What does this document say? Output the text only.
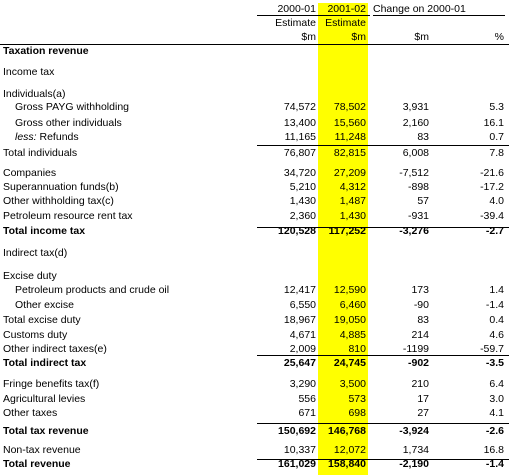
2000-01 2001-02 Change on 2000-01
Estimate Estimate
$m	$m	$m	%
Taxation revenue
Income tax
Individuals(a)
Gross PAYG withholding	74,572 78,502	3,931	5.3
Gross other individuals	13,400 15,560	2,160	16.1
less: Refunds	11,165 11,248	83	0.7
Total individuals	76,807 82,815	6,008	7.8
Companies	34,720 27,209	-7,512	-21.6
Superannuation funds(b)	5,210 4,312	-898	-17.2
Other withholding tax(c)	1,430 1,487	57	4.0
Petroleum resource rent tax	2,360 1,430	-931	-39.4
Total income tax	120,528 117,252	-3,276	-2.7
Indirect tax(d)
Excise duty
Petroleum products and crude oil	12,417 12,590	173	1.4
Other excise	6,550 6,460	-90	-1.4
Total excise duty	18,967 19,050	83	0.4
Customs duty	4,671 4,885	214	4.6
Other indirect taxes(e)	2,009	810	-1199	-59.7
Total indirect tax	25,647 24,745	-902	-3.5
Fringe benefits tax(f)	3,290 3,500	210	6.4
Agricultural levies	556	573	17	3.0
Other taxes	671	698	27	4.1
Total tax revenue	150,692 146,768	-3,924	-2.6
Non-tax revenue	10,337 12,072	1,734	16.8
Total revenue	161,029 158,840	-2,190	-1.4
